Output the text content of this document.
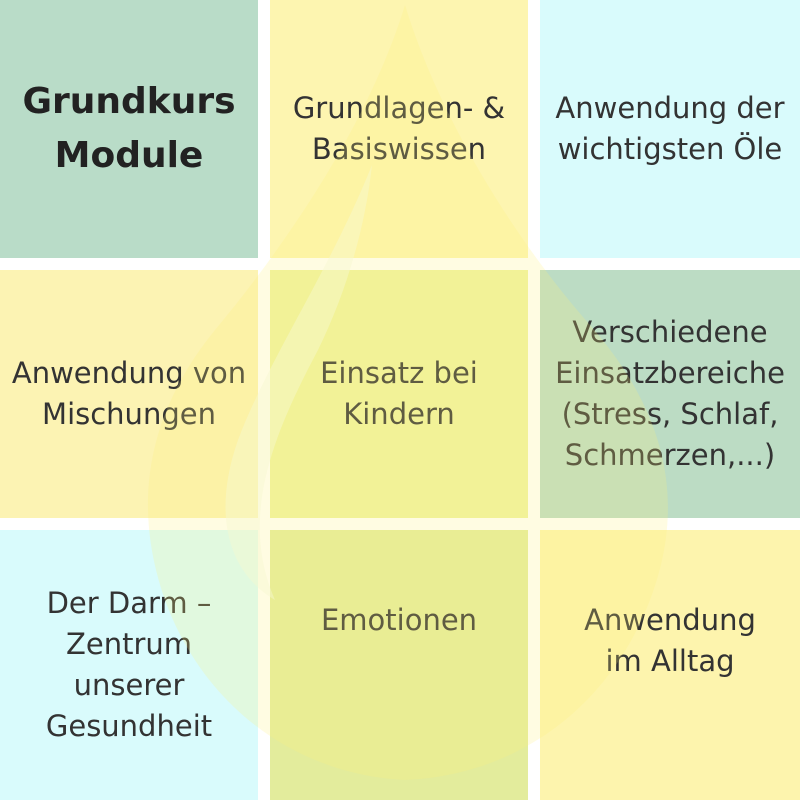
Grundkurs
Module
Grundlagen- &
Basiswissen
Anwendung der
wichtigsten Öle
Anwendung von
Mischungen
Einsatz bei
Kindern
Verschiedene
Einsatzbereiche
(Stress, Schlaf,
Schmerzen,...)
Der Darm –
Zentrum
unserer
Gesundheit
Emotionen	Anwendung
im Alltag
